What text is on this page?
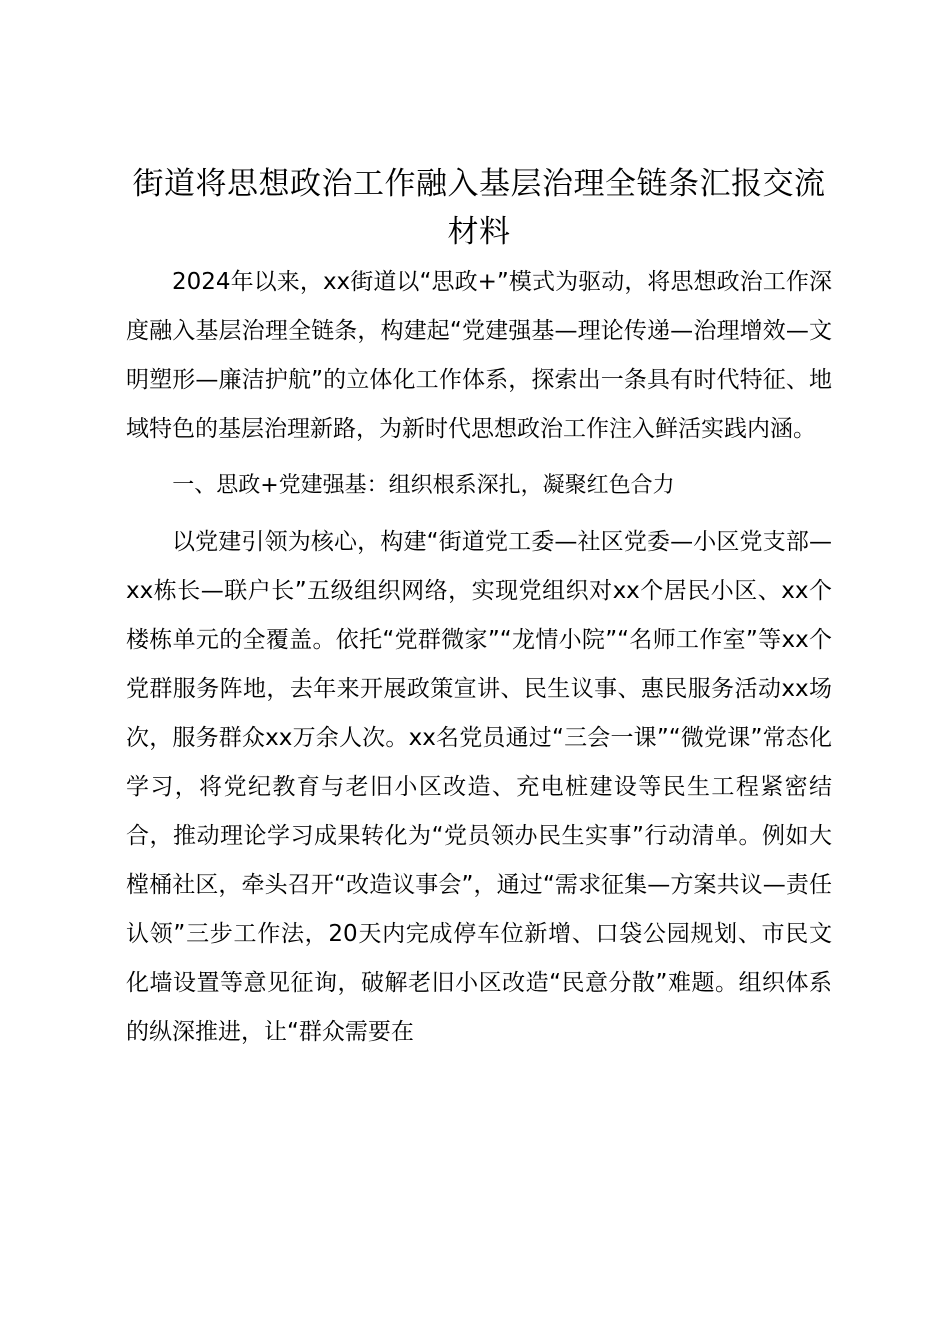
街道将思想政治工作融入基层治理全链条汇报交流材料

2024年以来，xx街道以“思政+”模式为驱动，将思想政治工作深度融入基层治理全链条，构建起“党建强基—理论传递—治理增效—文明塑形—廉洁护航”的立体化工作体系，探索出一条具有时代特征、地域特色的基层治理新路，为新时代思想政治工作注入鲜活实践内涵。

一、思政+党建强基：组织根系深扎，凝聚红色合力

以党建引领为核心，构建“街道党工委—社区党委—小区党支部—xx栋长—联户长”五级组织网络，实现党组织对xx个居民小区、xx个楼栋单元的全覆盖。依托“党群微家”“龙情小院”“名师工作室”等xx个党群服务阵地，去年来开展政策宣讲、民生议事、惠民服务活动xx场次，服务群众xx万余人次。xx名党员通过“三会一课”“微党课”常态化学习，将党纪教育与老旧小区改造、充电桩建设等民生工程紧密结合，推动理论学习成果转化为“党员领办民生实事”行动清单。例如大樘桶社区，牵头召开“改造议事会”，通过“需求征集—方案共议—责任认领”三步工作法，20天内完成停车位新增、口袋公园规划、市民文化墙设置等意见征询，破解老旧小区改造“民意分散”难题。组织体系的纵深推进，让“群众需要在
